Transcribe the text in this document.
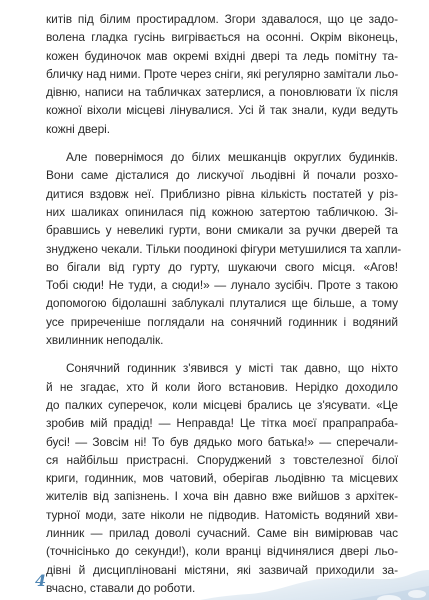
китів під білим простирадлом. Згори здавалося, що це задо-
волена гладка гусінь вигрівається на осонні. Окрім віконець,
кожен будиночок мав окремі вхідні двері та ледь помітну та-
бличку над ними. Проте через сніги, які регулярно замітали льо-
дівню, написи на табличках затерлися, а поновлювати їх після
кожної віхоли місцеві лінувалися. Усі й так знали, куди ведуть
кожні двері.
Але повернімося до білих мешканців округлих будинків.
Вони саме дісталися до лискучої льодівні й почали розхо-
дитися вздовж неї. Приблизно рівна кількість постатей у різ-
них шаликах опинилася під кожною затертою табличкою. Зі-
бравшись у невеликі гурти, вони смикали за ручки дверей та
знуджено чекали. Тільки поодинокі фігури метушилися та хапли-
во бігали від гурту до гурту, шукаючи свого місця. «Агов!
Тобі сюди! Не туди, а сюди!» — лунало зусібіч. Проте з такою
допомогою бідолашні заблукалі плуталися ще більше, а тому
усе приреченіше поглядали на сонячний годинник і водяний
хвилинник неподалік.
Сонячний годинник з'явився у місті так давно, що ніхто
й не згадає, хто й коли його встановив. Нерідко доходило
до палких суперечок, коли місцеві брались це з'ясувати. «Це
зробив мій прадід! — Неправда! Це тітка моєї прапрапраба-
бусі! — Зовсім ні! То був дядько мого батька!» — сперечали-
ся найбільш пристрасні. Споруджений з товстелезної білої
криги, годинник, мов чатовий, оберігав льодівню та місцевих
жителів від запізнень. І хоча він давно вже вийшов з архітек-
турної моди, зате ніколи не підводив. Натомість водяний хви-
линник — прилад доволі сучасний. Саме він вимірював час
(точнісінько до секунди!), коли вранці відчинялися двері льо-
дівні й дисципліновані містяни, які зазвичай приходили за-
вчасно, ставали до роботи.
4
